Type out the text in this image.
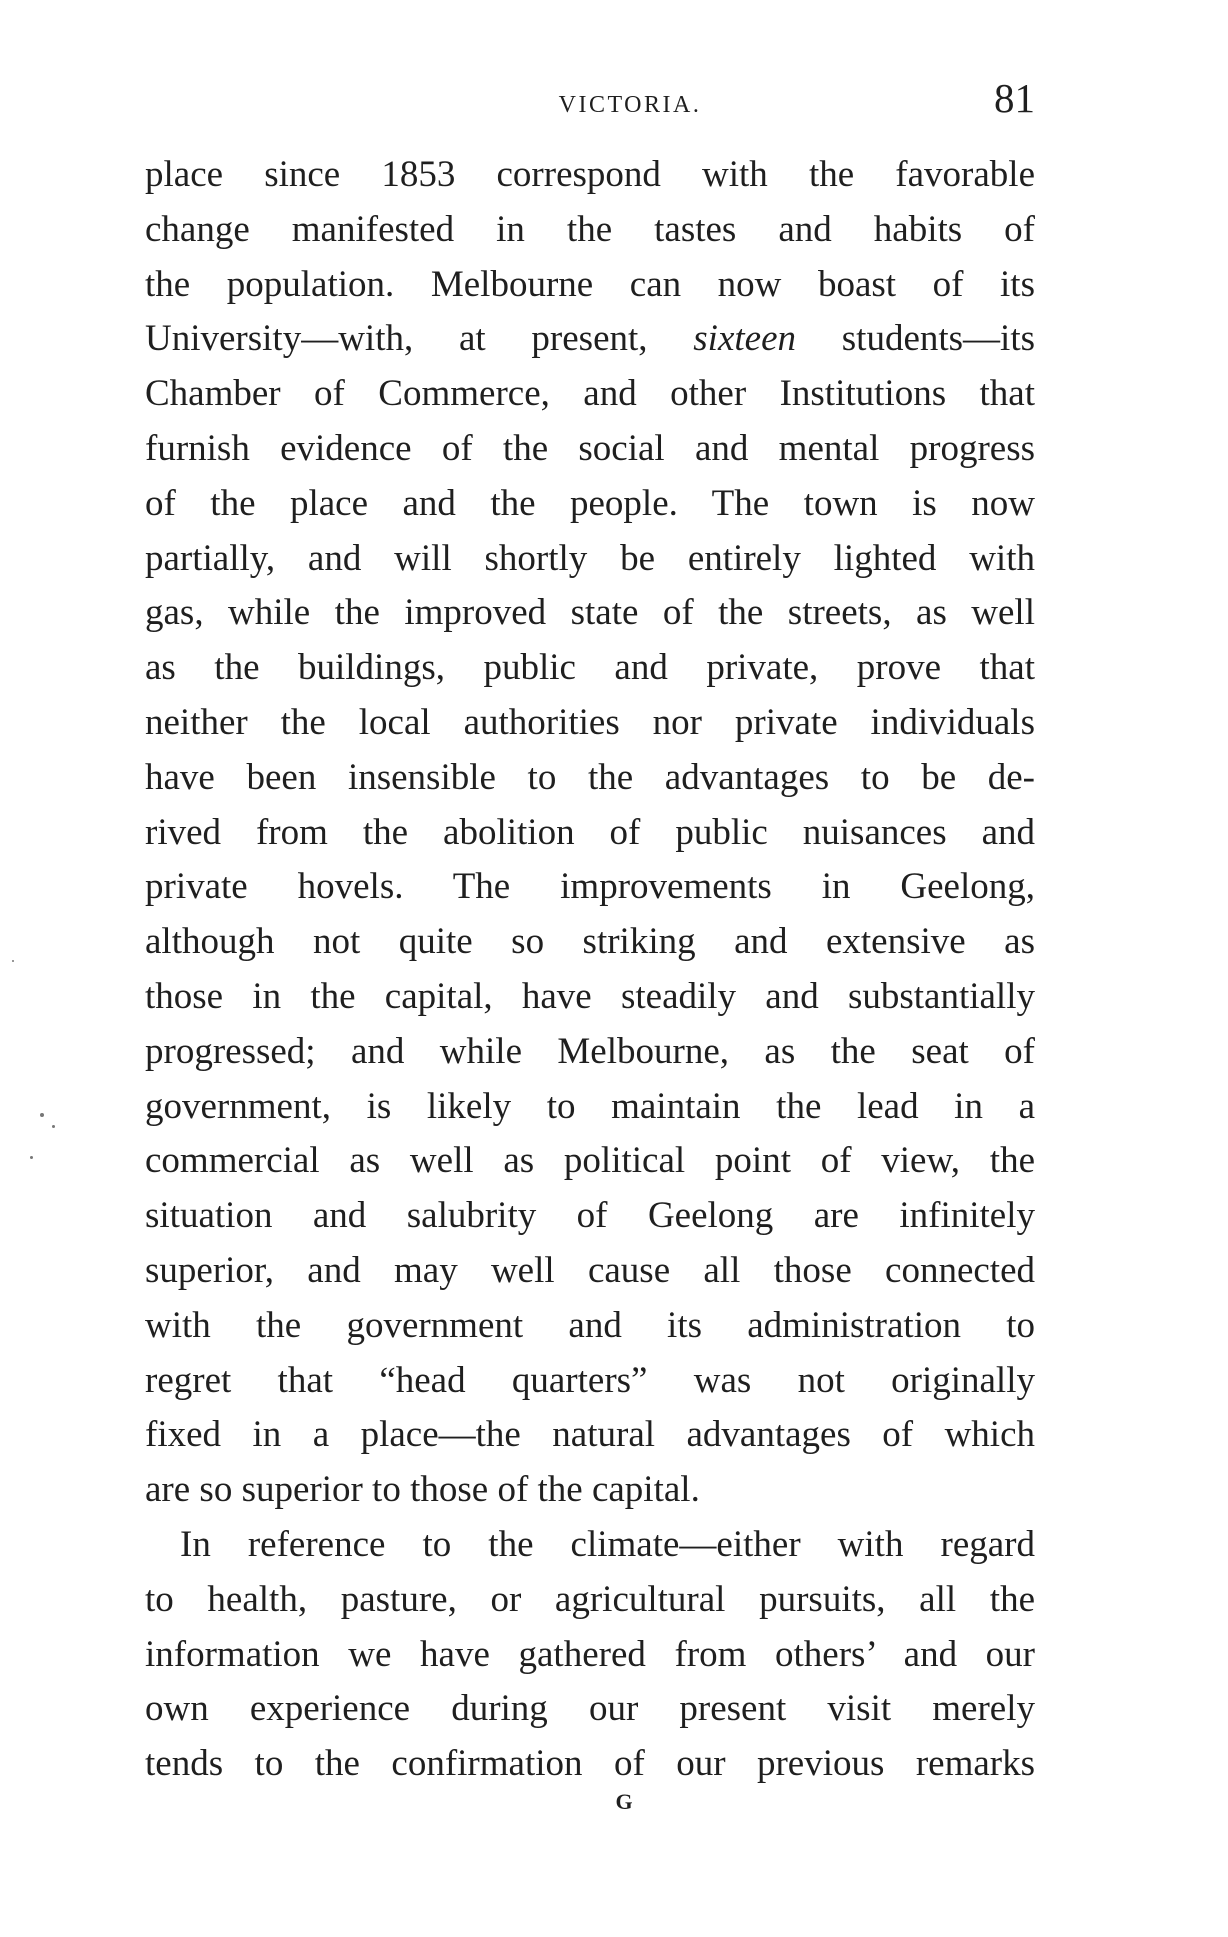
VICTORIA.	81
place since 1853 correspond with the favorable
change manifested in the tastes and habits of
the population. Melbourne can now boast of its
University—with, at present, sixteen students—its
Chamber of Commerce, and other Institutions that
furnish evidence of the social and mental progress
of the place and the people. The town is now
partially, and will shortly be entirely lighted with
gas, while the improved state of the streets, as well
as the buildings, public and private, prove that
neither the local authorities nor private individuals
have been insensible to the advantages to be de-
rived from the abolition of public nuisances and
private hovels. The improvements in Geelong,
although not quite so striking and extensive as
those in the capital, have steadily and substantially
progressed; and while Melbourne, as the seat of
government, is likely to maintain the lead in a
commercial as well as political point of view, the
situation and salubrity of Geelong are infinitely
superior, and may well cause all those connected
with the government and its administration to
regret that “head quarters” was not originally
fixed in a place—the natural advantages of which
are so superior to those of the capital.
In reference to the climate—either with regard
to health, pasture, or agricultural pursuits, all the
information we have gathered from others’ and our
own experience during our present visit merely
tends to the confirmation of our previous remarks
G
